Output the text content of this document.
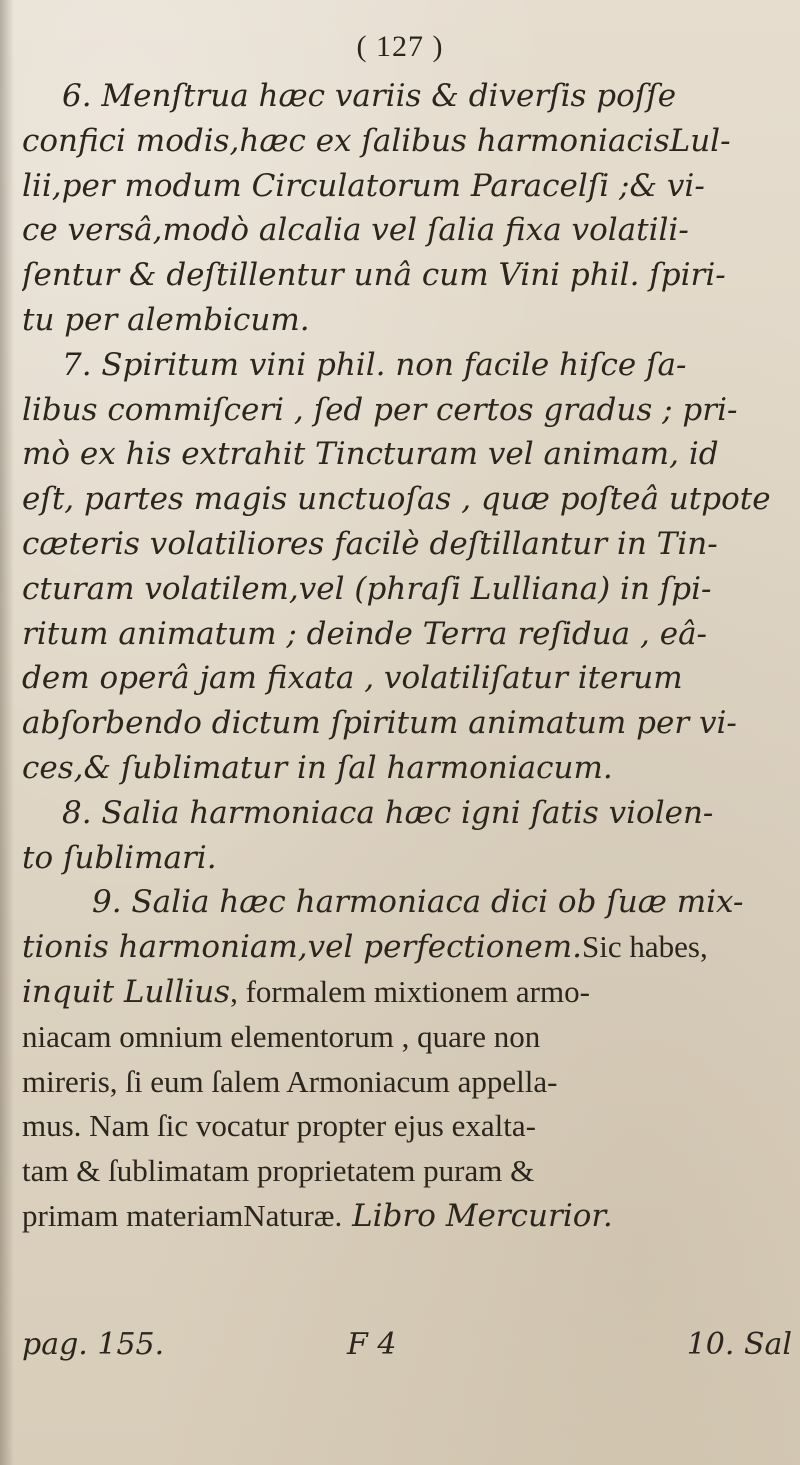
( 127 )
6. Menſtrua hæc variis & diverſis poſſe
confici modis,hæc ex ſalibus harmoniacisLul-
lii,per modum Circulatorum Paracelſi ;& vi-
ce versâ,modò alcalia vel ſalia fixa volatili-
ſentur & deſtillentur unâ cum Vini phil. ſpiri-
tu per alembicum.
7. Spiritum vini phil. non facile hiſce ſa-
libus commiſceri , ſed per certos gradus ; pri-
mò ex his extrahit Tincturam vel animam, id
eſt, partes magis unctuoſas , quæ poſteâ utpote
cæteris volatiliores facilè deſtillantur in Tin-
cturam volatilem,vel (phraſi Lulliana) in ſpi-
ritum animatum ; deinde Terra reſidua , eâ-
dem operâ jam fixata , volatiliſatur iterum
abſorbendo dictum ſpiritum animatum per vi-
ces,& ſublimatur in ſal harmoniacum.
8. Salia harmoniaca hæc igni ſatis violen-
to ſublimari.
9. Salia hæc harmoniaca dici ob ſuæ mix-
tionis harmoniam,vel perfectionem.Sic habes,
inquit Lullius, formalem mixtionem armo-
niacam omnium elementorum , quare non
mireris, ſi eum ſalem Armoniacum appella-
mus. Nam ſic vocatur propter ejus exalta-
tam & ſublimatam proprietatem puram &
primam materiamNaturæ. Libro Mercurior.
pag. 155.	F 4	10. Sal
